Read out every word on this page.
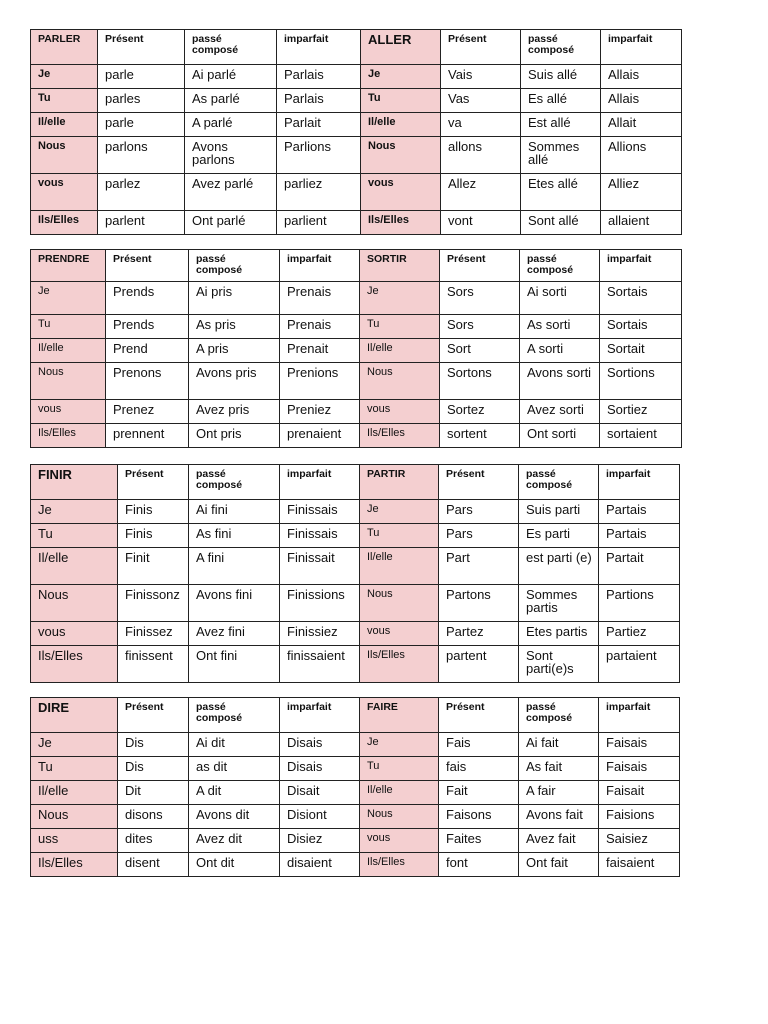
PARLER	Présent	passé composé	imparfait	ALLER	Présent	passé composé	imparfait
Je	parle	Ai parlé	Parlais	Je	Vais	Suis allé	Allais
Tu	parles	As parlé	Parlais	Tu	Vas	Es allé	Allais
Il/elle	parle	A parlé	Parlait	Il/elle	va	Est allé	Allait
Nous	parlons	Avons parlons	Parlions	Nous	allons	Sommes allé	Allions
vous	parlez	Avez parlé	parliez	vous	Allez	Etes allé	Alliez
Ils/Elles	parlent	Ont parlé	parlient	Ils/Elles	vont	Sont allé	allaient
PRENDRE	Présent	passé composé	imparfait	SORTIR	Présent	passé composé	imparfait
Je	Prends	Ai pris	Prenais	Je	Sors	Ai sorti	Sortais
Tu	Prends	As pris	Prenais	Tu	Sors	As sorti	Sortais
Il/elle	Prend	A pris	Prenait	Il/elle	Sort	A sorti	Sortait
Nous	Prenons	Avons pris	Prenions	Nous	Sortons	Avons sorti	Sortions
vous	Prenez	Avez pris	Preniez	vous	Sortez	Avez sorti	Sortiez
Ils/Elles	prennent	Ont pris	prenaient	Ils/Elles	sortent	Ont sorti	sortaient
FINIR	Présent	passé composé	imparfait	PARTIR	Présent	passé composé	imparfait
Je	Finis	Ai fini	Finissais	Je	Pars	Suis parti	Partais
Tu	Finis	As fini	Finissais	Tu	Pars	Es parti	Partais
Il/elle	Finit	A fini	Finissait	Il/elle	Part	est parti (e)	Partait
Nous	Finissonz	Avons fini	Finissions	Nous	Partons	Sommes partis	Partions
vous	Finissez	Avez fini	Finissiez	vous	Partez	Etes partis	Partiez
Ils/Elles	finissent	Ont fini	finissaient	Ils/Elles	partent	Sont parti(e)s	partaient
DIRE	Présent	passé composé	imparfait	FAIRE	Présent	passé composé	imparfait
Je	Dis	Ai dit	Disais	Je	Fais	Ai fait	Faisais
Tu	Dis	as dit	Disais	Tu	fais	As fait	Faisais
Il/elle	Dit	A dit	Disait	Il/elle	Fait	A fair	Faisait
Nous	disons	Avons dit	Disiont	Nous	Faisons	Avons fait	Faisions
uss	dites	Avez dit	Disiez	vous	Faites	Avez fait	Saisiez
Ils/Elles	disent	Ont dit	disaient	Ils/Elles	font	Ont fait	faisaient
